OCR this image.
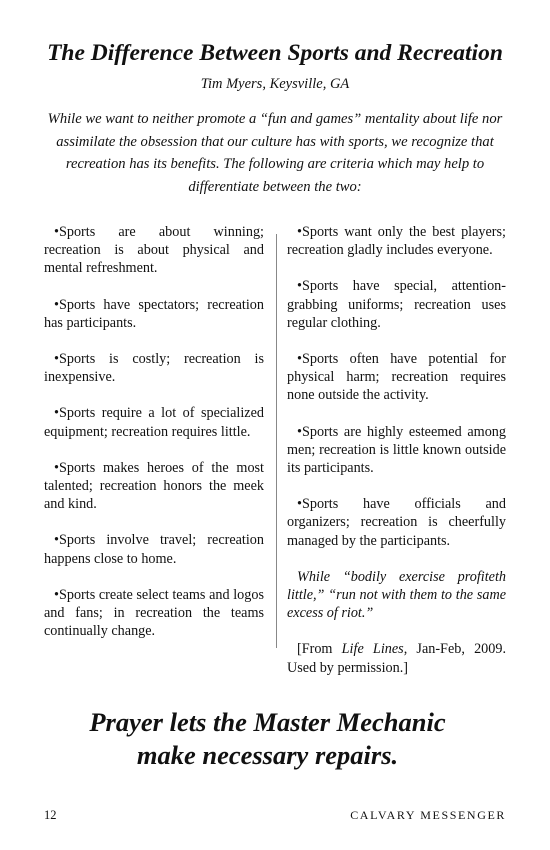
The Difference Between Sports and Recreation
Tim Myers, Keysville, GA
While we want to neither promote a “fun and games” mentality about life nor assimilate the obsession that our culture has with sports, we recognize that recreation has its benefits. The following are criteria which may help to differentiate between the two:

•Sports are about winning; recreation is about physical and mental refreshment.

•Sports have spectators; recreation has participants.

•Sports is costly; recreation is inexpensive.

•Sports require a lot of specialized equipment; recreation requires little.

•Sports makes heroes of the most talented; recreation honors the meek and kind.

•Sports involve travel; recreation happens close to home.

•Sports create select teams and logos and fans; in recreation the teams continually change.

•Sports want only the best players; recreation gladly includes everyone.

•Sports have special, attention-grabbing uniforms; recreation uses regular clothing.

•Sports often have potential for physical harm; recreation requires none outside the activity.

•Sports are highly esteemed among men; recreation is little known outside its participants.

•Sports have officials and organizers; recreation is cheerfully managed by the participants.

While “bodily exercise profiteth little,” “run not with them to the same excess of riot.”

[From Life Lines, Jan-Feb, 2009. Used by permission.]

Prayer lets the Master Mechanic
make necessary repairs.
12	CALVARY MESSENGER
